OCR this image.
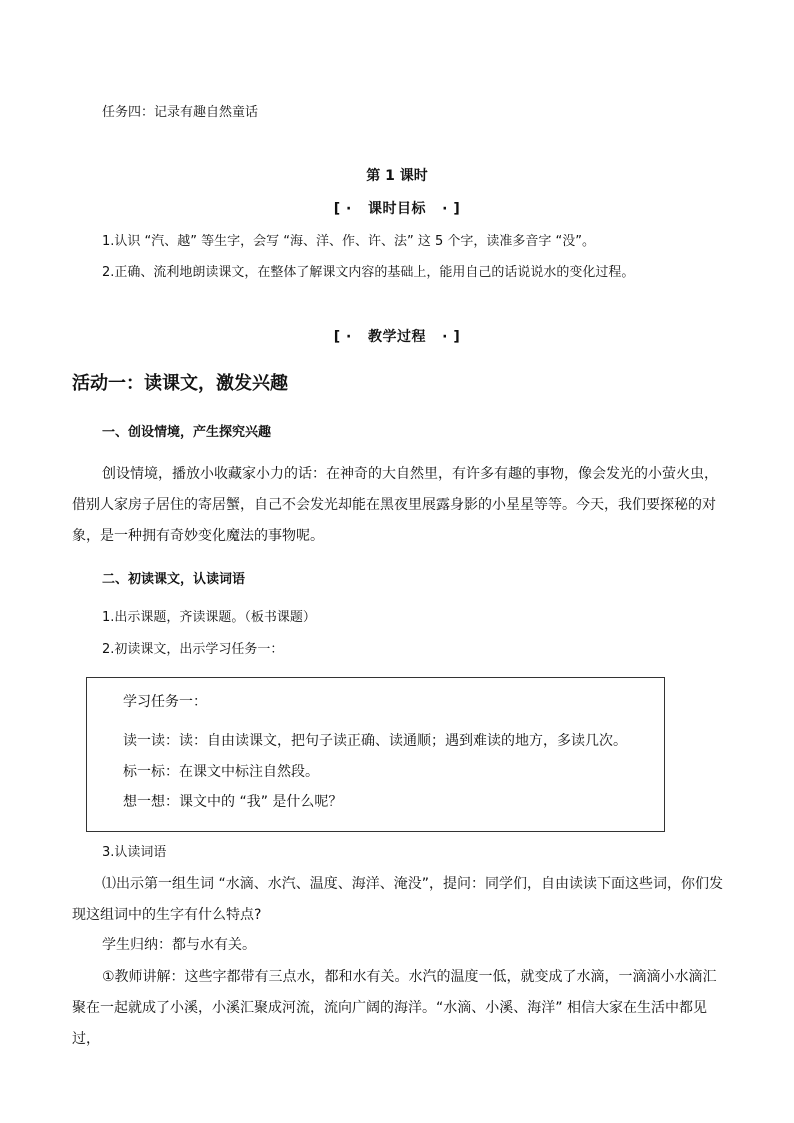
任务四：记录有趣自然童话
第 1 课时
[ · 课时目标 · ]
1.认识 “汽、越” 等生字，会写 “海、洋、作、许、法” 这 5 个字，读准多音字 “没”。
2.正确、流利地朗读课文，在整体了解课文内容的基础上，能用自己的话说说水的变化过程。
[ · 教学过程 · ]
活动一：读课文，激发兴趣
一、创设情境，产生探究兴趣
创设情境，播放小收藏家小力的话：在神奇的大自然里，有许多有趣的事物，像会发光的小萤火虫，借别人家房子居住的寄居蟹，自己不会发光却能在黑夜里展露身影的小星星等等。今天，我们要探秘的对象，是一种拥有奇妙变化魔法的事物呢。
二、初读课文，认读词语
1.出示课题，齐读课题。（板书课题）
2.初读课文，出示学习任务一：
学习任务一：
读一读：读：自由读课文，把句子读正确、读通顺；遇到难读的地方，多读几次。
标一标：在课文中标注自然段。
想一想：课文中的 “我” 是什么呢？
3.认读词语
⑴出示第一组生词 “水滴、水汽、温度、海洋、淹没”，提问：同学们，自由读读下面这些词，你们发现这组词中的生字有什么特点?
学生归纳：都与水有关。
①教师讲解：这些字都带有三点水，都和水有关。水汽的温度一低，就变成了水滴，一滴滴小水滴汇聚在一起就成了小溪，小溪汇聚成河流，流向广阔的海洋。“水滴、小溪、海洋” 相信大家在生活中都见过，
